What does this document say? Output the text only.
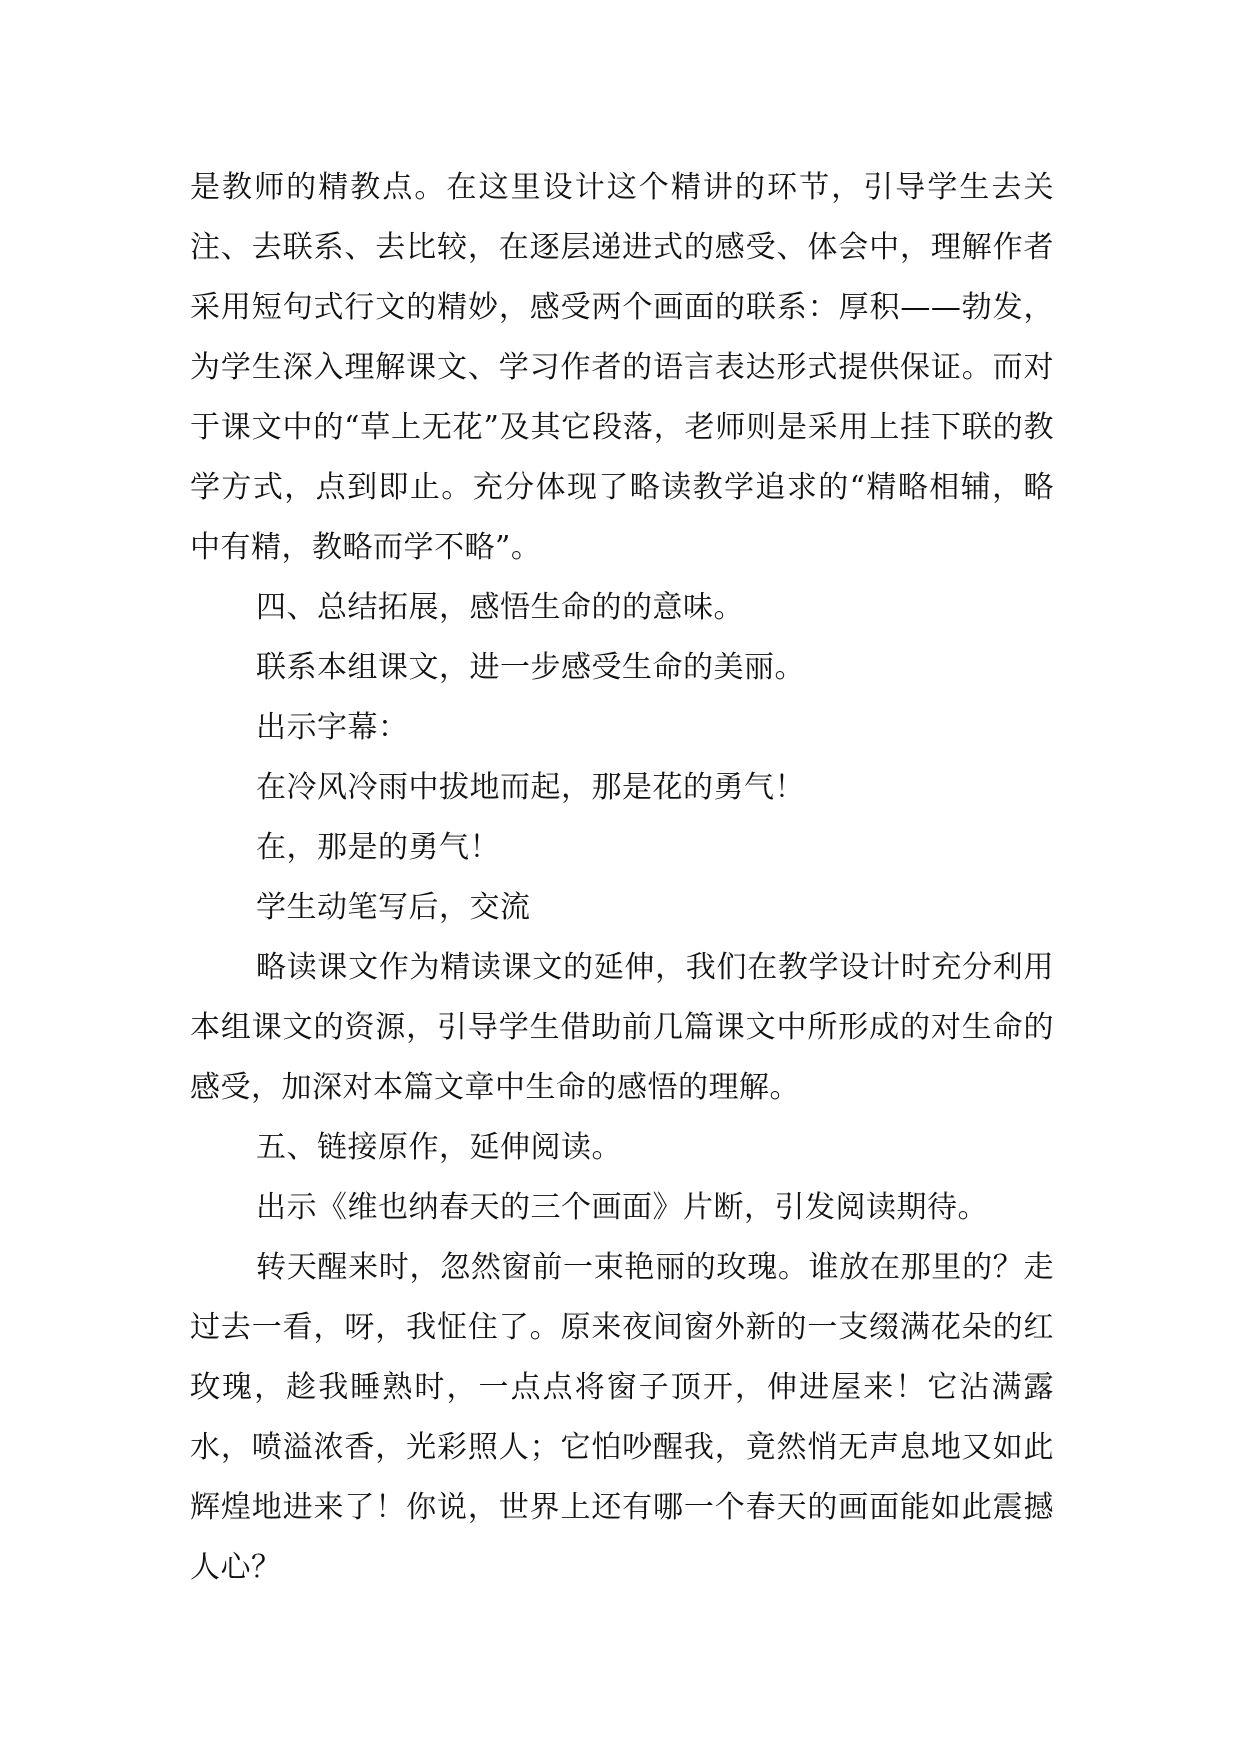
是教师的精教点。在这里设计这个精讲的环节，引导学生去关注、去联系、去比较，在逐层递进式的感受、体会中，理解作者采用短句式行文的精妙，感受两个画面的联系：厚积——勃发，为学生深入理解课文、学习作者的语言表达形式提供保证。而对于课文中的“草上无花”及其它段落，老师则是采用上挂下联的教学方式，点到即止。充分体现了略读教学追求的“精略相辅，略中有精，教略而学不略”。

四、总结拓展，感悟生命的的意味。

联系本组课文，进一步感受生命的美丽。

出示字幕：

在冷风冷雨中拔地而起，那是花的勇气！

在，那是的勇气！

学生动笔写后，交流

略读课文作为精读课文的延伸，我们在教学设计时充分利用本组课文的资源，引导学生借助前几篇课文中所形成的对生命的感受，加深对本篇文章中生命的感悟的理解。

五、链接原作，延伸阅读。

出示《维也纳春天的三个画面》片断，引发阅读期待。

转天醒来时，忽然窗前一束艳丽的玫瑰。谁放在那里的？走过去一看，呀，我怔住了。原来夜间窗外新的一支缀满花朵的红玫瑰，趁我睡熟时，一点点将窗子顶开，伸进屋来！它沾满露水，喷溢浓香，光彩照人；它怕吵醒我，竟然悄无声息地又如此辉煌地进来了！你说，世界上还有哪一个春天的画面能如此震撼人心？
